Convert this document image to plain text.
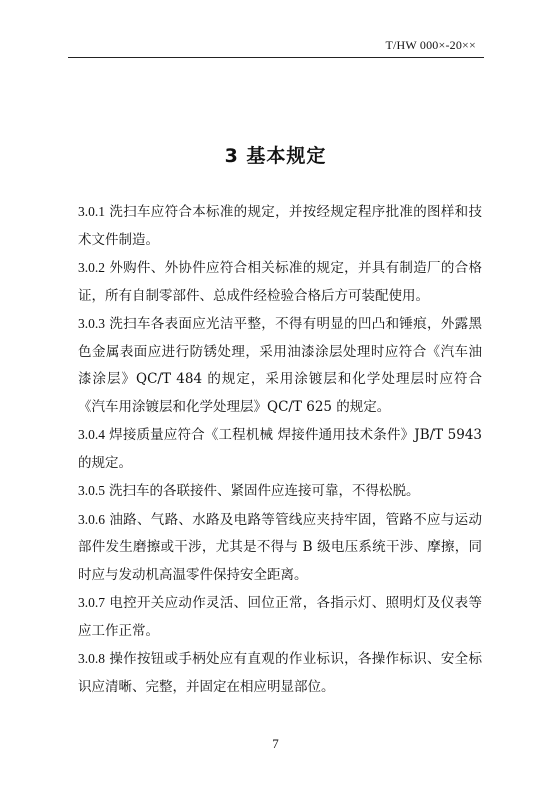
T/HW 000×-20××
3 基本规定

3.0.1 洗扫车应符合本标准的规定，并按经规定程序批准的图样和技术文件制造。

3.0.2 外购件、外协件应符合相关标准的规定，并具有制造厂的合格证，所有自制零部件、总成件经检验合格后方可装配使用。

3.0.3 洗扫车各表面应光洁平整，不得有明显的凹凸和锤痕，外露黑色金属表面应进行防锈处理，采用油漆涂层处理时应符合《汽车油漆涂层》QC/T 484 的规定，采用涂镀层和化学处理层时应符合《汽车用涂镀层和化学处理层》QC/T 625 的规定。

3.0.4 焊接质量应符合《工程机械 焊接件通用技术条件》JB/T 5943 的规定。

3.0.5 洗扫车的各联接件、紧固件应连接可靠，不得松脱。

3.0.6 油路、气路、水路及电路等管线应夹持牢固，管路不应与运动部件发生磨擦或干涉，尤其是不得与 B 级电压系统干涉、摩擦，同时应与发动机高温零件保持安全距离。

3.0.7 电控开关应动作灵活、回位正常，各指示灯、照明灯及仪表等应工作正常。

3.0.8 操作按钮或手柄处应有直观的作业标识，各操作标识、安全标识应清晰、完整，并固定在相应明显部位。

7
